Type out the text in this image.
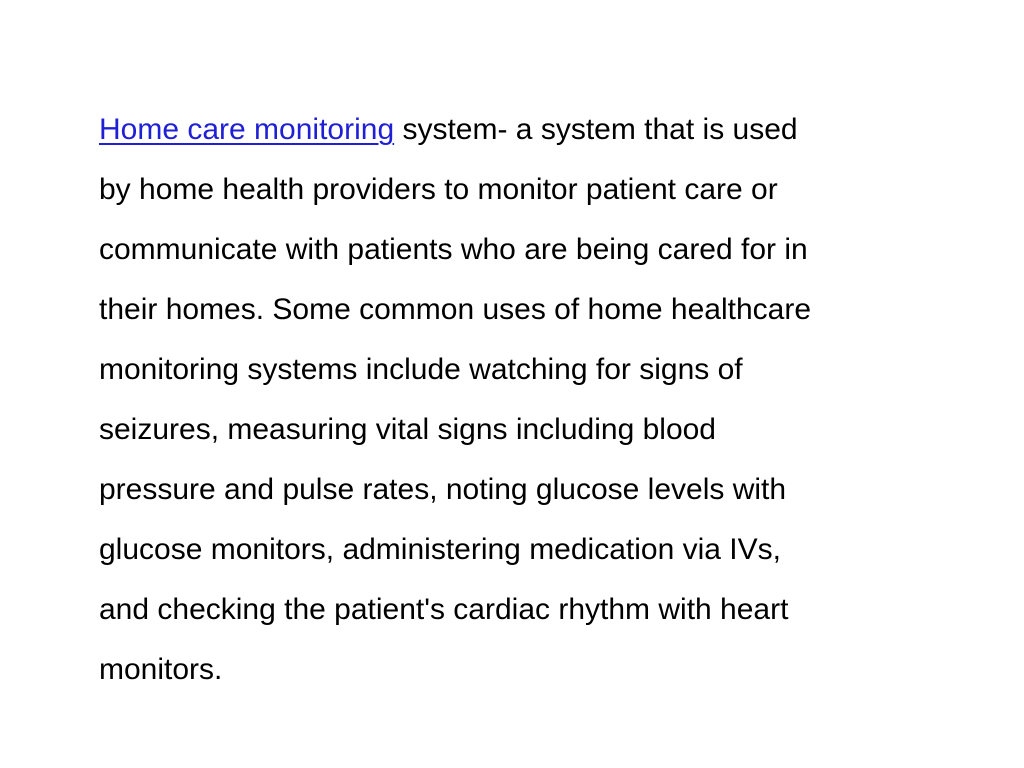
Home care monitoring system- a system that is used
by home health providers to monitor patient care or
communicate with patients who are being cared for in
their homes. Some common uses of home healthcare
monitoring systems include watching for signs of
seizures, measuring vital signs including blood
pressure and pulse rates, noting glucose levels with
glucose monitors, administering medication via IVs,
and checking the patient's cardiac rhythm with heart
monitors.
